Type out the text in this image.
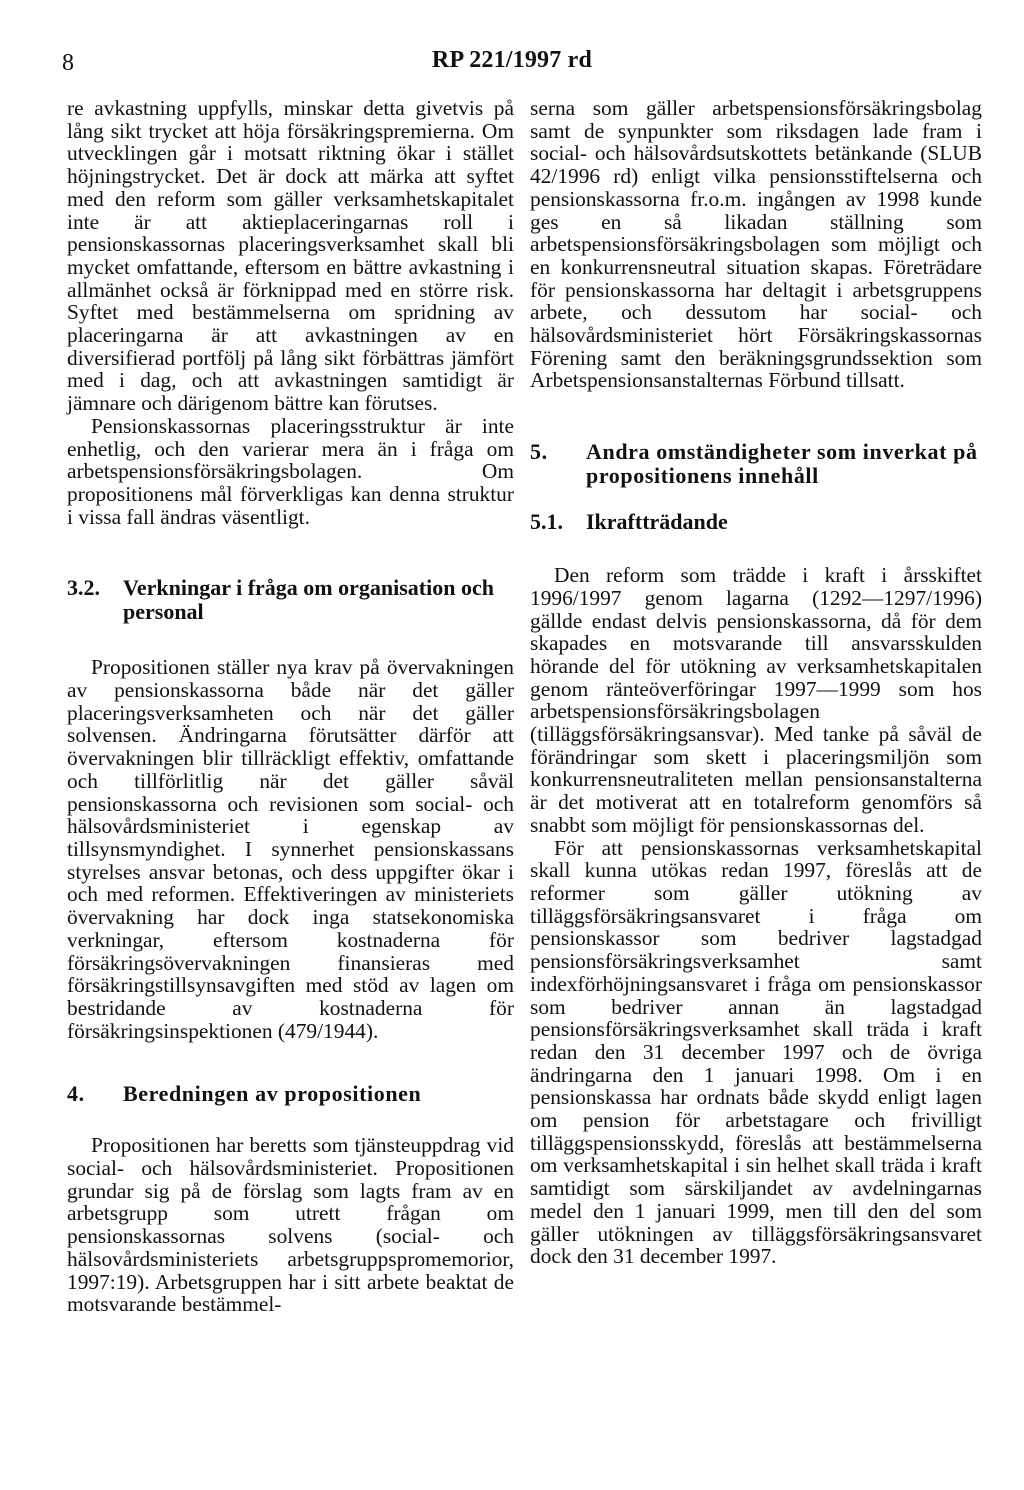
8	RP 221/1997 rd

re avkastning uppfylls, minskar detta givetvis på lång sikt trycket att höja försäkringspremierna. Om utvecklingen går i motsatt riktning ökar i stället höjningstrycket. Det är dock att märka att syftet med den reform som gäller verksamhetskapitalet inte är att aktieplaceringarnas roll i pensionskassornas placeringsverksamhet skall bli mycket omfattande, eftersom en bättre avkastning i allmänhet också är förknippad med en större risk. Syftet med bestämmelserna om spridning av placeringarna är att avkastningen av en diversifierad portfölj på lång sikt förbättras jämfört med i dag, och att avkastningen samtidigt är jämnare och därigenom bättre kan förutses.

Pensionskassornas placeringsstruktur är inte enhetlig, och den varierar mera än i fråga om arbetspensionsförsäkringsbolagen. Om propositionens mål förverkligas kan denna struktur i vissa fall ändras väsentligt.

3.2.	Verkningar i fråga om organisation och personal

Propositionen ställer nya krav på övervakningen av pensionskassorna både när det gäller placeringsverksamheten och när det gäller solvensen. Ändringarna förutsätter därför att övervakningen blir tillräckligt effektiv, omfattande och tillförlitlig när det gäller såväl pensionskassorna och revisionen som social- och hälsovårdsministeriet i egenskap av tillsynsmyndighet. I synnerhet pensionskassans styrelses ansvar betonas, och dess uppgifter ökar i och med reformen. Effektiveringen av ministeriets övervakning har dock inga statsekonomiska verkningar, eftersom kostnaderna för försäkringsövervakningen finansieras med försäkringstillsynsavgiften med stöd av lagen om bestridande av kostnaderna för försäkringsinspektionen (479/1944).

4.	Beredningen av propositionen

Propositionen har beretts som tjänsteuppdrag vid social- och hälsovårdsministeriet. Propositionen grundar sig på de förslag som lagts fram av en arbetsgrupp som utrett frågan om pensionskassornas solvens (social- och hälsovårdsministeriets arbetsgruppspromemorior, 1997:19). Arbetsgruppen har i sitt arbete beaktat de motsvarande bestämmel-

serna som gäller arbetspensionsförsäkringsbolag samt de synpunkter som riksdagen lade fram i social- och hälsovårdsutskottets betänkande (SLUB 42/1996 rd) enligt vilka pensionsstiftelserna och pensionskassorna fr.o.m. ingången av 1998 kunde ges en så likadan ställning som arbetspensionsförsäkringsbolagen som möjligt och en konkurrensneutral situation skapas. Företrädare för pensionskassorna har deltagit i arbetsgruppens arbete, och dessutom har social- och hälsovårdsministeriet hört Försäkringskassornas Förening samt den beräkningsgrundssektion som Arbetspensionsanstalternas Förbund tillsatt.

5.	Andra omständigheter som inverkat på propositionens innehåll
5.1.	Ikraftträdande

Den reform som trädde i kraft i årsskiftet 1996/1997 genom lagarna (1292—1297/1996) gällde endast delvis pensionskassorna, då för dem skapades en motsvarande till ansvarsskulden hörande del för utökning av verksamhetskapitalen genom ränteöverföringar 1997—1999 som hos arbetspensionsförsäkringsbolagen (tilläggsförsäkringsansvar). Med tanke på såväl de förändringar som skett i placeringsmiljön som konkurrensneutraliteten mellan pensionsanstalterna är det motiverat att en totalreform genomförs så snabbt som möjligt för pensionskassornas del.

För att pensionskassornas verksamhetskapital skall kunna utökas redan 1997, föreslås att de reformer som gäller utökning av tilläggsförsäkringsansvaret i fråga om pensionskassor som bedriver lagstadgad pensionsförsäkringsverksamhet samt indexförhöjningsansvaret i fråga om pensionskassor som bedriver annan än lagstadgad pensionsförsäkringsverksamhet skall träda i kraft redan den 31 december 1997 och de övriga ändringarna den 1 januari 1998. Om i en pensionskassa har ordnats både skydd enligt lagen om pension för arbetstagare och frivilligt tilläggspensionsskydd, föreslås att bestämmelserna om verksamhetskapital i sin helhet skall träda i kraft samtidigt som särskiljandet av avdelningarnas medel den 1 januari 1999, men till den del som gäller utökningen av tilläggsförsäkringsansvaret dock den 31 december 1997.
